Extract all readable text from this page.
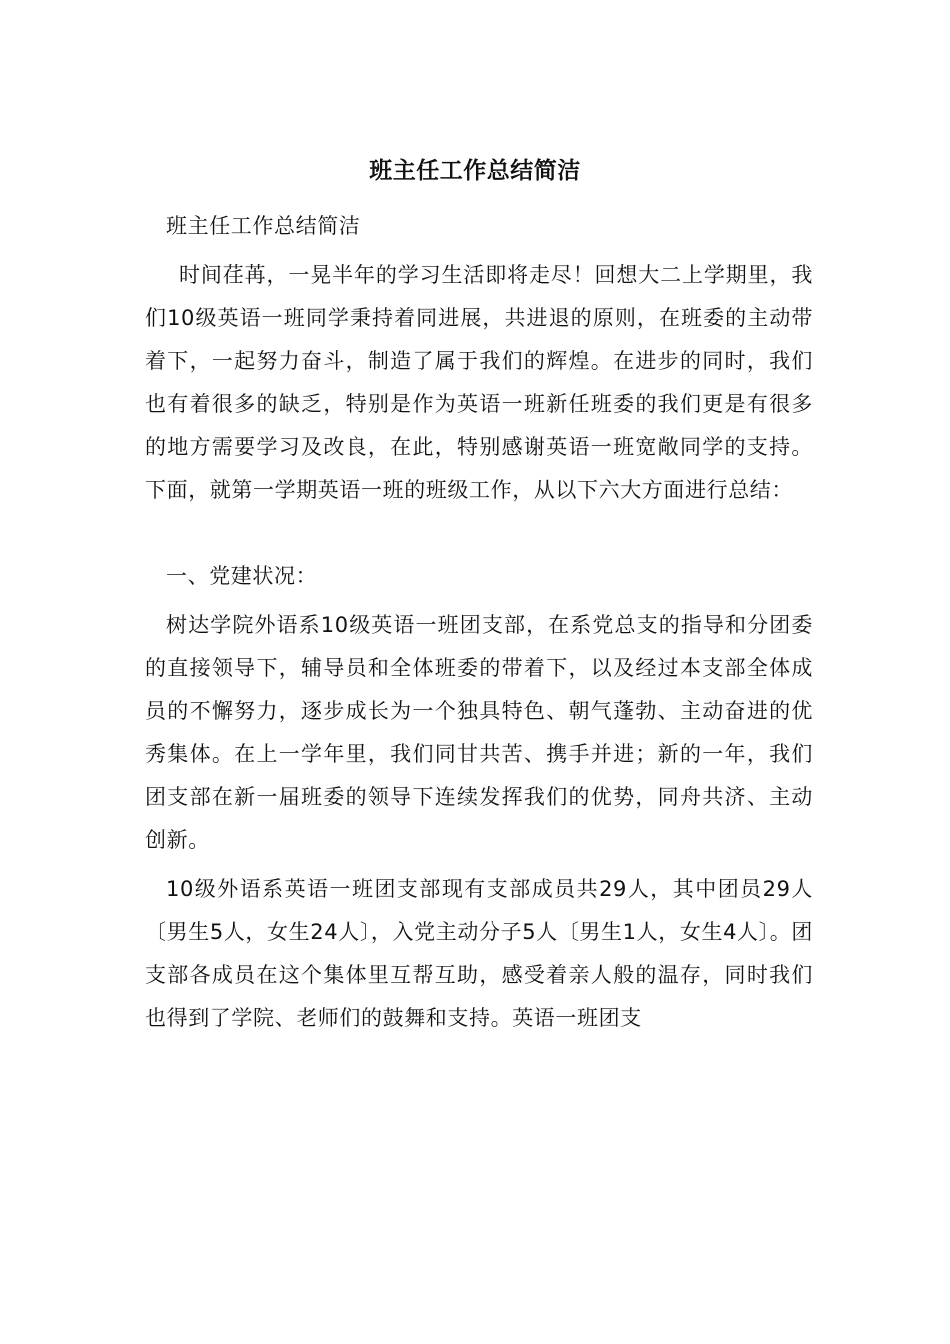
班主任工作总结简洁

班主任工作总结简洁

时间荏苒，一晃半年的学习生活即将走尽！回想大二上学期里，我们10级英语一班同学秉持着同进展，共进退的原则，在班委的主动带着下，一起努力奋斗，制造了属于我们的辉煌。在进步的同时，我们也有着很多的缺乏，特别是作为英语一班新任班委的我们更是有很多的地方需要学习及改良，在此，特别感谢英语一班宽敞同学的支持。下面，就第一学期英语一班的班级工作，从以下六大方面进行总结：

一、党建状况：

树达学院外语系10级英语一班团支部，在系党总支的指导和分团委的直接领导下，辅导员和全体班委的带着下，以及经过本支部全体成员的不懈努力，逐步成长为一个独具特色、朝气蓬勃、主动奋进的优秀集体。在上一学年里，我们同甘共苦、携手并进；新的一年，我们团支部在新一届班委的领导下连续发挥我们的优势，同舟共济、主动创新。

10级外语系英语一班团支部现有支部成员共29人，其中团员29人〔男生5人，女生24人〕，入党主动分子5人〔男生1人，女生4人〕。团支部各成员在这个集体里互帮互助，感受着亲人般的温存，同时我们也得到了学院、老师们的鼓舞和支持。英语一班团支
